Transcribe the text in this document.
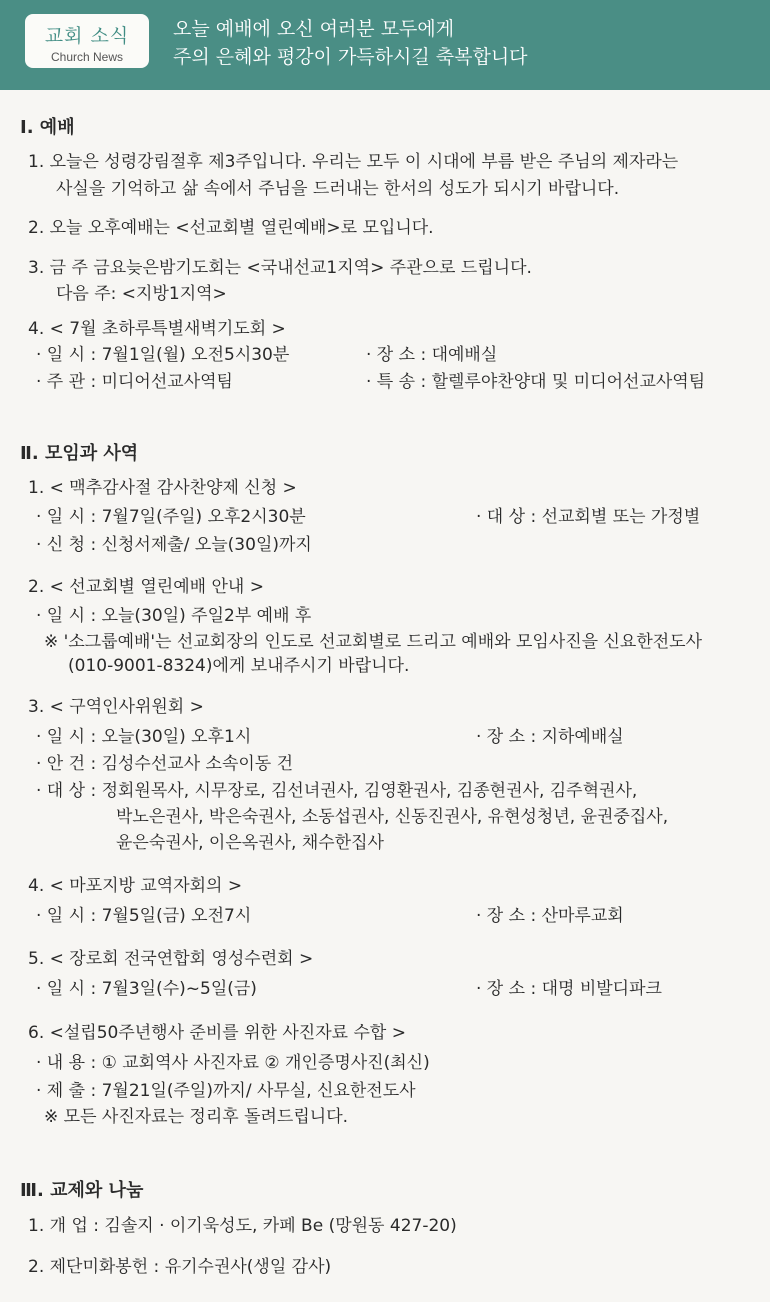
교회 소식
Church News
오늘 예배에 오신 여러분 모두에게
주의 은혜와 평강이 가득하시길 축복합니다
Ⅰ. 예배
1. 오늘은 성령강림절후 제3주입니다. 우리는 모두 이 시대에 부름 받은 주님의 제자라는
사실을 기억하고 삶 속에서 주님을 드러내는 한서의 성도가 되시기 바랍니다.
2. 오늘 오후예배는 <선교회별 열린예배>로 모입니다.
3. 금 주 금요늦은밤기도회는 <국내선교1지역> 주관으로 드립니다.
다음 주: <지방1지역>
4. < 7월 초하루특별새벽기도회 >
· 일 시 : 7월1일(월) 오전5시30분	· 장 소 : 대예배실
· 주 관 : 미디어선교사역팀	· 특 송 : 할렐루야찬양대 및 미디어선교사역팀
Ⅱ. 모임과 사역
1. < 맥추감사절 감사찬양제 신청 >
· 일 시 : 7월7일(주일) 오후2시30분	· 대 상 : 선교회별 또는 가정별
· 신 청 : 신청서제출/ 오늘(30일)까지
2. < 선교회별 열린예배 안내 >
· 일 시 : 오늘(30일) 주일2부 예배 후
※ '소그룹예배'는 선교회장의 인도로 선교회별로 드리고 예배와 모임사진을 신요한전도사
(010-9001-8324)에게 보내주시기 바랍니다.
3. < 구역인사위원회 >
· 일 시 : 오늘(30일) 오후1시	· 장 소 : 지하예배실
· 안 건 : 김성수선교사 소속이동 건
· 대 상 : 정회원목사, 시무장로, 김선녀권사, 김영환권사, 김종현권사, 김주혁권사,
박노은권사, 박은숙권사, 소동섭권사, 신동진권사, 유현성청년, 윤권중집사,
윤은숙권사, 이은옥권사, 채수한집사
4. < 마포지방 교역자회의 >
· 일 시 : 7월5일(금) 오전7시	· 장 소 : 산마루교회
5. < 장로회 전국연합회 영성수련회 >
· 일 시 : 7월3일(수)~5일(금)	· 장 소 : 대명 비발디파크
6. <설립50주년행사 준비를 위한 사진자료 수합 >
· 내 용 : ① 교회역사 사진자료 ② 개인증명사진(최신)
· 제 출 : 7월21일(주일)까지/ 사무실, 신요한전도사
※ 모든 사진자료는 정리후 돌려드립니다.
Ⅲ. 교제와 나눔
1. 개 업 : 김솔지 · 이기욱성도, 카페 Be (망원동 427-20)
2. 제단미화봉헌 : 유기수권사(생일 감사)
